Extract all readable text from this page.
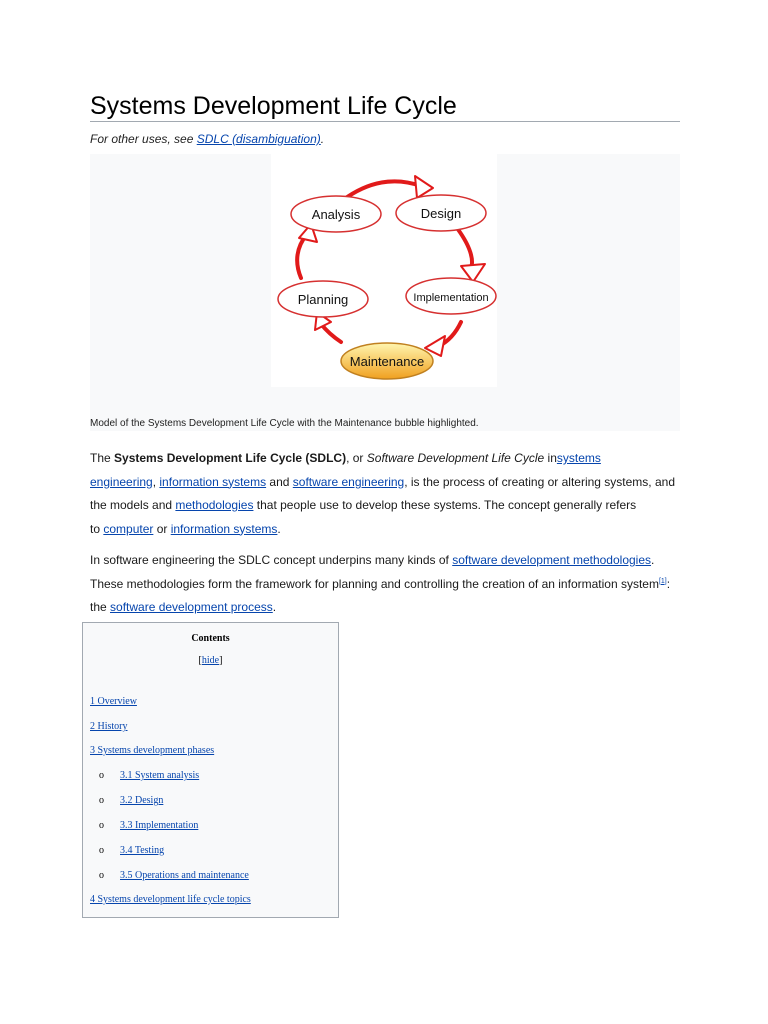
Systems Development Life Cycle
For other uses, see SDLC (disambiguation).
Analysis	Design
Implementation
Planning
Maintenance
Model of the Systems Development Life Cycle with the Maintenance bubble highlighted.
The Systems Development Life Cycle (SDLC), or Software Development Life Cycle insystems
engineering, information systems and software engineering, is the process of creating or altering systems, and
the models and methodologies that people use to develop these systems. The concept generally refers
to computer or information systems.
In software engineering the SDLC concept underpins many kinds of software development methodologies.
These methodologies form the framework for planning and controlling the creation of an information system[1]:
the software development process.
Contents
[hide]
1 Overview
2 History
3 Systems development phases
o 3.1 System analysis
o 3.2 Design
o 3.3 Implementation
o 3.4 Testing
o 3.5 Operations and maintenance
4 Systems development life cycle topics
